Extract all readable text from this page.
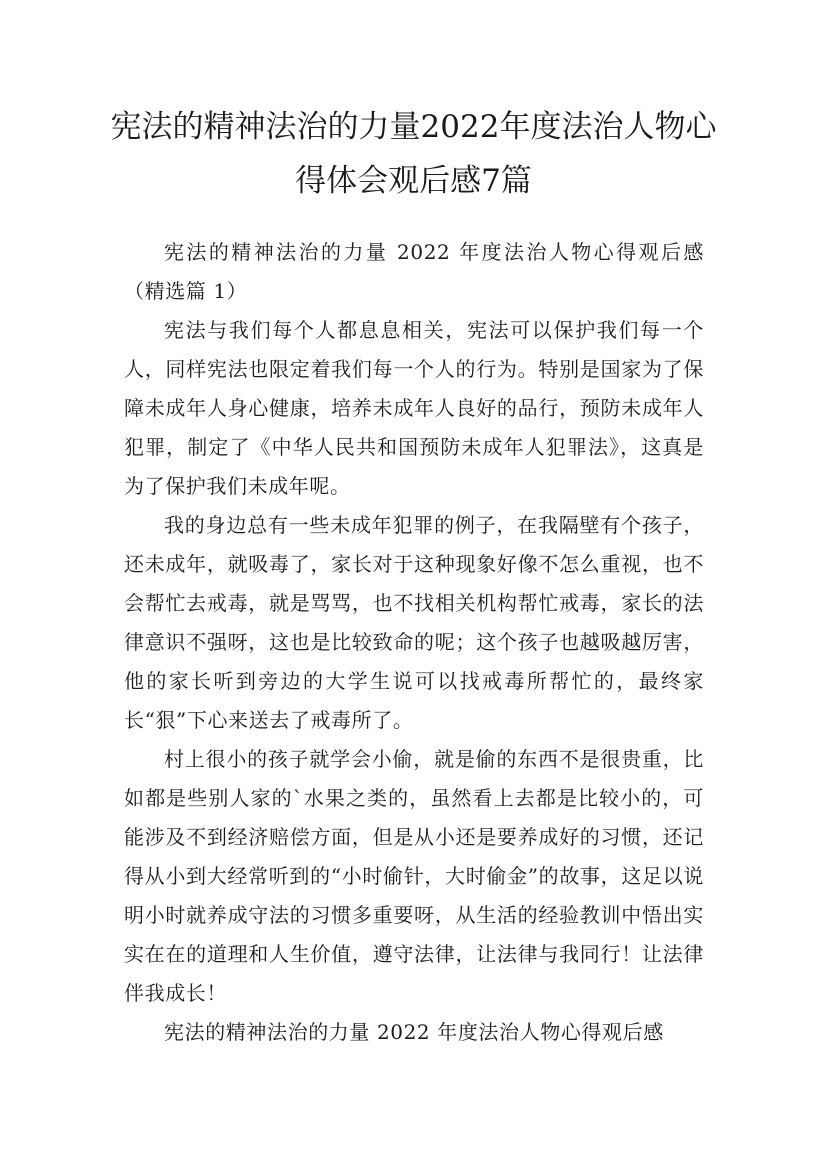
宪法的精神法治的力量2022年度法治人物心得体会观后感7篇

宪法的精神法治的力量 2022 年度法治人物心得观后感（精选篇 1）

宪法与我们每个人都息息相关，宪法可以保护我们每一个人，同样宪法也限定着我们每一个人的行为。特别是国家为了保障未成年人身心健康，培养未成年人良好的品行，预防未成年人犯罪，制定了《中华人民共和国预防未成年人犯罪法》，这真是为了保护我们未成年呢。

我的身边总有一些未成年犯罪的例子，在我隔壁有个孩子，还未成年，就吸毒了，家长对于这种现象好像不怎么重视，也不会帮忙去戒毒，就是骂骂，也不找相关机构帮忙戒毒，家长的法律意识不强呀，这也是比较致命的呢；这个孩子也越吸越厉害，他的家长听到旁边的大学生说可以找戒毒所帮忙的，最终家长“狠”下心来送去了戒毒所了。

村上很小的孩子就学会小偷，就是偷的东西不是很贵重，比如都是些别人家的`水果之类的，虽然看上去都是比较小的，可能涉及不到经济赔偿方面，但是从小还是要养成好的习惯，还记得从小到大经常听到的“小时偷针，大时偷金”的故事，这足以说明小时就养成守法的习惯多重要呀，从生活的经验教训中悟出实实在在的道理和人生价值，遵守法律，让法律与我同行！让法律伴我成长！

宪法的精神法治的力量 2022 年度法治人物心得观后感
